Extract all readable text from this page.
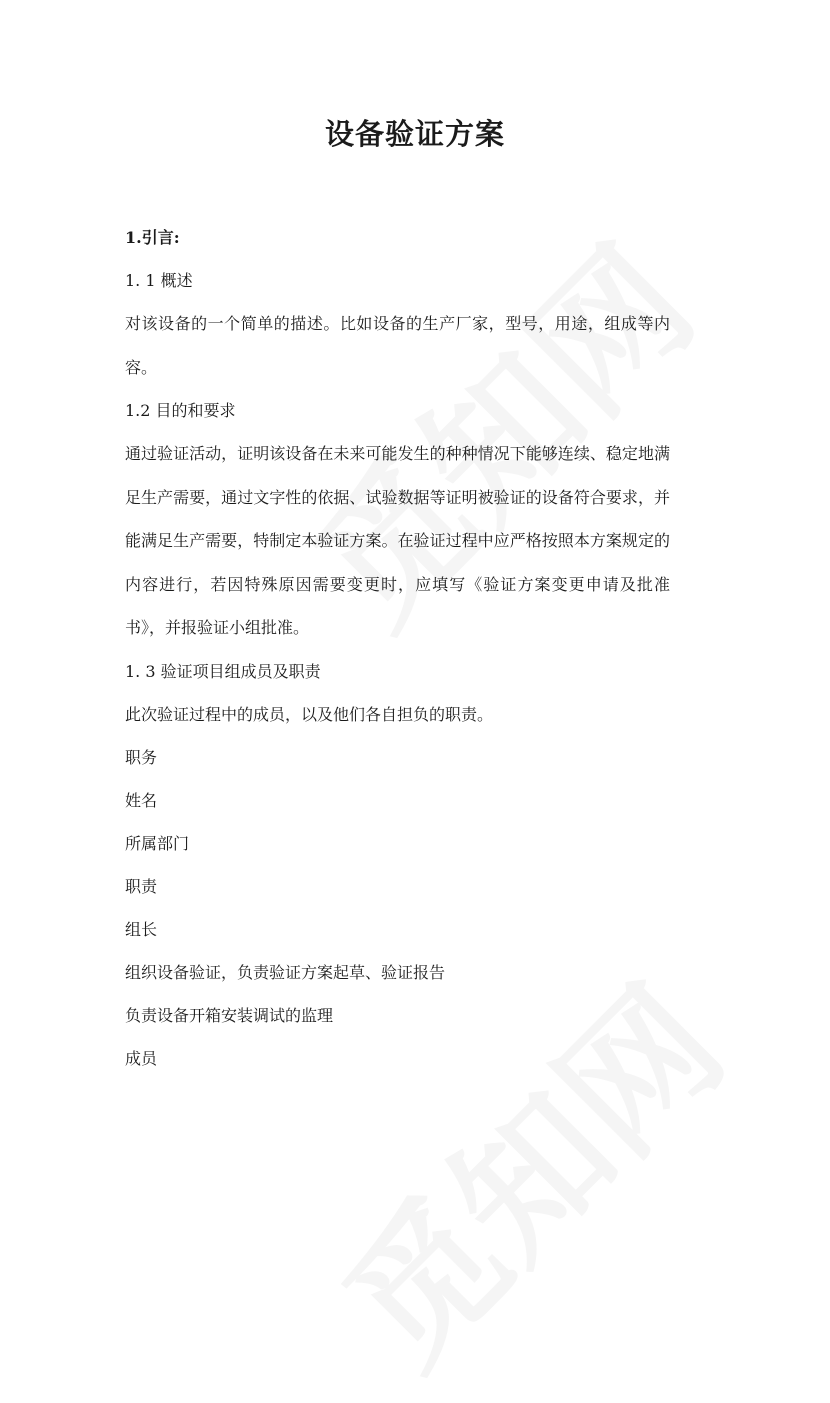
设备验证方案
1.引言:
1. 1 概述
对该设备的一个简单的描述。比如设备的生产厂家，型号，用途，组成等内容。
1.2 目的和要求
通过验证活动，证明该设备在未来可能发生的种种情况下能够连续、稳定地满足生产需要，通过文字性的依据、试验数据等证明被验证的设备符合要求，并能满足生产需要，特制定本验证方案。在验证过程中应严格按照本方案规定的内容进行，若因特殊原因需要变更时，应填写《验证方案变更申请及批准书》，并报验证小组批准。
1. 3 验证项目组成员及职责
此次验证过程中的成员，以及他们各自担负的职责。
职务
姓名
所属部门
职责
组长
组织设备验证，负责验证方案起草、验证报告
负责设备开箱安装调试的监理
成员
